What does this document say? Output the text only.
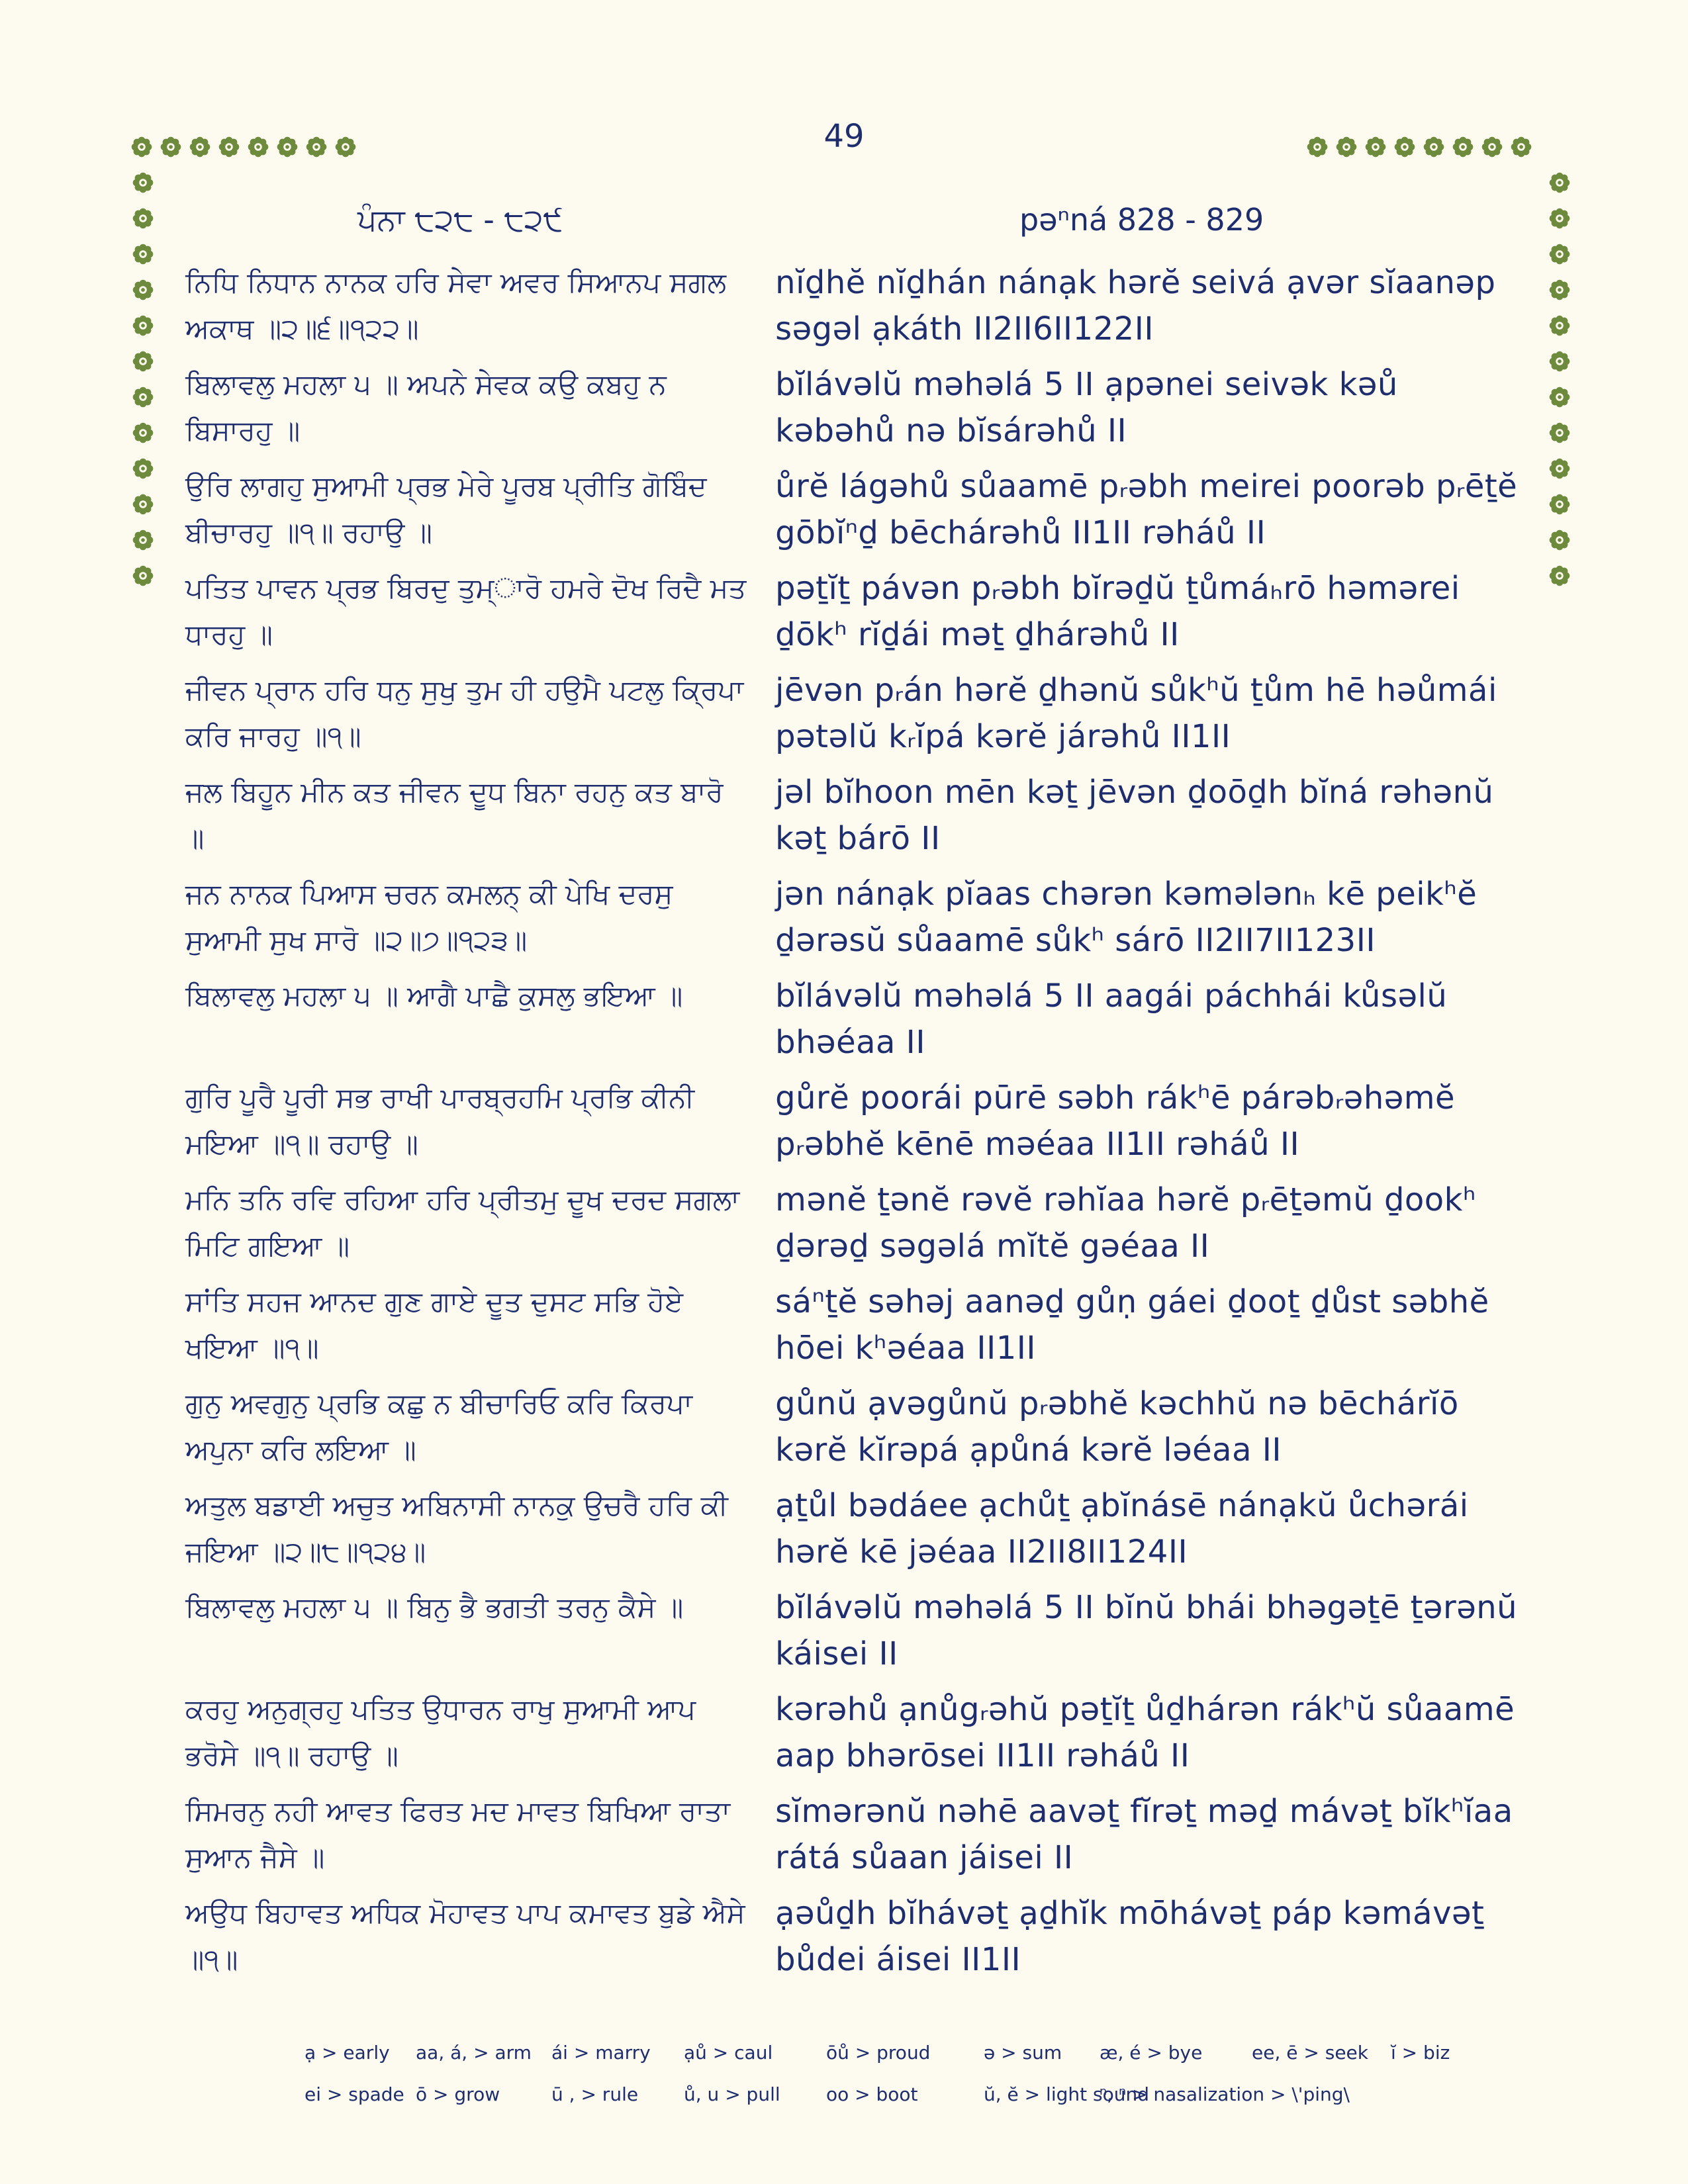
49
ਪੰਨਾ ੮੨੮ - ੮੨੯	pəⁿná 828 - 829
ਨਿਧਿ ਨਿਧਾਨ ਨਾਨਕ ਹਰਿ ਸੇਵਾ ਅਵਰ ਸਿਆਨਪ ਸਗਲ ਅਕਾਥ ॥੨॥੬॥੧੨੨॥
nĭḏhĕ nĭḏhán nánạk hərĕ seivá ạvər sĭaanəp səgəl ạkáth II2II6II122II
ਬਿਲਾਵਲੁ ਮਹਲਾ ੫ ॥ ਅਪਨੇ ਸੇਵਕ ਕਉ ਕਬਹੁ ਨ ਬਿਸਾਰਹੁ ॥
bĭlávəlŭ məhəlá 5 II ạpənei seivək kəů kəbəhů nə bĭsárəhů II
ਉਰਿ ਲਾਗਹੁ ਸੁਆਮੀ ਪ੍ਰਭ ਮੇਰੇ ਪੂਰਬ ਪ੍ਰੀਤਿ ਗੋਬਿੰਦ ਬੀਚਾਰਹੁ ॥੧॥ ਰਹਾਉ ॥
ůrĕ lágəhů sůaamē pᵣəbh meirei poorəb pᵣēṯĕ gōbĭⁿḏ bēchárəhů II1II rəháů II
ਪਤਿਤ ਪਾਵਨ ਪ੍ਰਭ ਬਿਰਦੁ ਤੁਮ੍ਾਰੋ ਹਮਰੇ ਦੋਖ ਰਿਦੈ ਮਤ ਧਾਰਹੁ ॥
pəṯĭṯ pávən pᵣəbh bĭrəḏŭ ṯůmáₕrō həmərei ḏōkʰ rĭḏái məṯ ḏhárəhů II
ਜੀਵਨ ਪ੍ਰਾਨ ਹਰਿ ਧਨੁ ਸੁਖੁ ਤੁਮ ਹੀ ਹਉਮੈ ਪਟਲੁ ਕ੍ਰਿਪਾ ਕਰਿ ਜਾਰਹੁ ॥੧॥
jēvən pᵣán hərĕ ḏhənŭ sůkʰŭ ṯům hē həůmái pətəlŭ kᵣĭpá kərĕ járəhů II1II
ਜਲ ਬਿਹੂਨ ਮੀਨ ਕਤ ਜੀਵਨ ਦੂਧ ਬਿਨਾ ਰਹਨੁ ਕਤ ਬਾਰੋ ॥
jəl bĭhoon mēn kəṯ jēvən ḏoōḏh bĭná rəhənŭ kəṯ bárō II
ਜਨ ਨਾਨਕ ਪਿਆਸ ਚਰਨ ਕਮਲਨ੍ ਕੀ ਪੇਖਿ ਦਰਸੁ ਸੁਆਮੀ ਸੁਖ ਸਾਰੋ ॥੨॥੭॥੧੨੩॥
jən nánạk pĭaas chərən kəmələnₕ kē peikʰĕ ḏərəsŭ sůaamē sůkʰ sárō II2II7II123II
ਬਿਲਾਵਲੁ ਮਹਲਾ ੫ ॥ ਆਗੈ ਪਾਛੈ ਕੁਸਲੁ ਭਇਆ ॥	bĭlávəlŭ məhəlá 5 II aagái páchhái kůsəlŭ bhəéaa II
ਗੁਰਿ ਪੂਰੈ ਪੂਰੀ ਸਭ ਰਾਖੀ ਪਾਰਬ੍ਰਹਮਿ ਪ੍ਰਭਿ ਕੀਨੀ ਮਇਆ ॥੧॥ ਰਹਾਉ ॥
gůrĕ poorái pūrē səbh rákʰē párəbᵣəhəmĕ pᵣəbhĕ kēnē məéaa II1II rəháů II
ਮਨਿ ਤਨਿ ਰਵਿ ਰਹਿਆ ਹਰਿ ਪ੍ਰੀਤਮੁ ਦੂਖ ਦਰਦ ਸਗਲਾ ਮਿਟਿ ਗਇਆ ॥
mənĕ ṯənĕ rəvĕ rəhĭaa hərĕ pᵣēṯəmŭ ḏookʰ ḏərəḏ səgəlá mĭtĕ gəéaa II
ਸਾਂਤਿ ਸਹਜ ਆਨਦ ਗੁਣ ਗਾਏ ਦੂਤ ਦੁਸਟ ਸਭਿ ਹੋਏ ਖਇਆ ॥੧॥
sáⁿṯĕ səhəj aanəḏ gůṇ gáei ḏooṯ ḏůst səbhĕ hōei kʰəéaa II1II
ਗੁਨੁ ਅਵਗੁਨੁ ਪ੍ਰਭਿ ਕਛੁ ਨ ਬੀਚਾਰਿਓ ਕਰਿ ਕਿਰਪਾ ਅਪੁਨਾ ਕਰਿ ਲਇਆ ॥
gůnŭ ạvəgůnŭ pᵣəbhĕ kəchhŭ nə bēchárĭō kərĕ kĭrəpá ạpůná kərĕ ləéaa II
ਅਤੁਲ ਬਡਾਈ ਅਚੁਤ ਅਬਿਨਾਸੀ ਨਾਨਕੁ ਉਚਰੈ ਹਰਿ ਕੀ ਜਇਆ ॥੨॥੮॥੧੨੪॥
ạṯůl bədáee ạchůṯ ạbĭnásē nánạkŭ ůchərái hərĕ kē jəéaa II2II8II124II
ਬਿਲਾਵਲੁ ਮਹਲਾ ੫ ॥ ਬਿਨੁ ਭੈ ਭਗਤੀ ਤਰਨੁ ਕੈਸੇ ॥	bĭlávəlŭ məhəlá 5 II bĭnŭ bhái bhəgəṯē ṯərənŭ káisei II
ਕਰਹੁ ਅਨੁਗ੍ਰਹੁ ਪਤਿਤ ਉਧਾਰਨ ਰਾਖੁ ਸੁਆਮੀ ਆਪ ਭਰੋਸੇ ॥੧॥ ਰਹਾਉ ॥
kərəhů ạnůgᵣəhŭ pəṯĭṯ ůḏhárən rákʰŭ sůaamē aap bhərōsei II1II rəháů II
ਸਿਮਰਨੁ ਨਹੀ ਆਵਤ ਫਿਰਤ ਮਦ ਮਾਵਤ ਬਿਖਿਆ ਰਾਤਾ ਸੁਆਨ ਜੈਸੇ ॥
sĭmərənŭ nəhē aavəṯ fĭrəṯ məḏ mávəṯ bĭkʰĭaa rátá sůaan jáisei II
ਅਉਧ ਬਿਹਾਵਤ ਅਧਿਕ ਮੋਹਾਵਤ ਪਾਪ ਕਮਾਵਤ ਬੁਡੇ ਐਸੇ ॥੧॥
ạəůḏh bĭhávəṯ ạḏhĭk mōhávəṯ páp kəmávəṯ bůdei áisei II1II
ạ > early	aa, á, > arm	ái > marry	ạů > caul	ōů > proud	ə > sum	æ, é > bye	ee, ē > seek	ĭ > biz
ei > spade ō > grow	ū , > rule	ů, u > pull	oo > boot	ŭ, ĕ > light sound
ⁿ, ⁿ > nasalization > \'ping\
